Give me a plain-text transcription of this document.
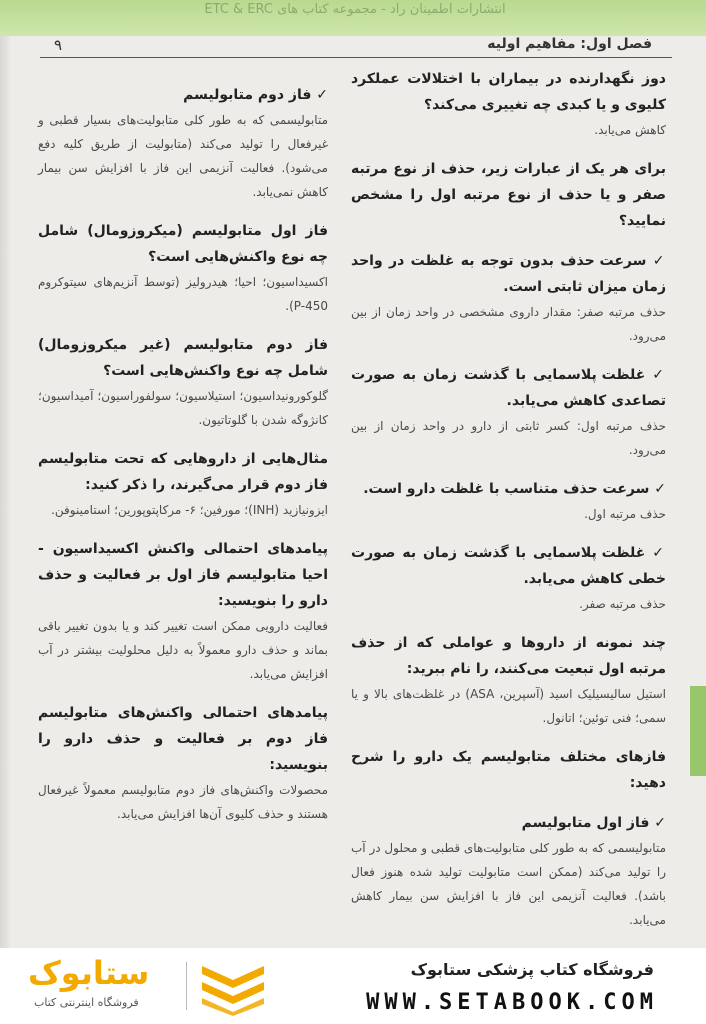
انتشارات اطمینان راد - مجموعه کتاب های ETC & ERC
فصل اول: مفاهیم اولیه
۹
دوز نگهدارنده در بیماران با اختلالات عملکرد کلیوی و یا کبدی چه تغییری می‌کند؟
کاهش می‌یابد.
برای هر یک از عبارات زیر، حذف از نوع مرتبه صفر و یا حذف از نوع مرتبه اول را مشخص نمایید؟
✓ سرعت حذف بدون توجه به غلظت در واحد زمان میزان ثابتی است.
حذف مرتبه صفر: مقدار داروی مشخصی در واحد زمان از بین می‌رود.
✓ غلظت پلاسمایی با گذشت زمان به صورت تصاعدی کاهش می‌یابد.
حذف مرتبه اول: کسر ثابتی از دارو در واحد زمان از بین می‌رود.
✓ سرعت حذف متناسب با غلظت دارو است.
حذف مرتبه اول.
✓ غلظت پلاسمایی با گذشت زمان به صورت خطی کاهش می‌یابد.
حذف مرتبه صفر.
چند نمونه از داروها و عواملی که از حذف مرتبه اول تبعیت می‌کنند، را نام ببرید:
استیل سالیسیلیک اسید (آسپرین، ASA) در غلظت‌های بالا و یا سمی؛ فنی توئین؛ اتانول.
فازهای مختلف متابولیسم یک دارو را شرح دهید:
✓ فاز اول متابولیسم
متابولیسمی که به طور کلی متابولیت‌های قطبی و محلول در آب را تولید می‌کند (ممکن است متابولیت تولید شده هنوز فعال باشد). فعالیت آنزیمی این فاز با افزایش سن بیمار کاهش می‌یابد.
✓ فاز دوم متابولیسم
متابولیسمی که به طور کلی متابولیت‌های بسیار قطبی و غیرفعال را تولید می‌کند (متابولیت از طریق کلیه دفع می‌شود). فعالیت آنزیمی این فاز با افزایش سن بیمار کاهش نمی‌یابد.
فاز اول متابولیسم (میکروزومال) شامل چه نوع واکنش‌هایی است؟
اکسیداسیون؛ احیا؛ هیدرولیز (توسط آنزیم‌های سیتوکروم P-450).
فاز دوم متابولیسم (غیر میکروزومال) شامل چه نوع واکنش‌هایی است؟
گلوکورونیداسیون؛ استیلاسیون؛ سولفوراسیون؛ آمیداسیون؛ کانژوگه شدن با گلوتاتیون.
مثال‌هایی از داروهایی که تحت متابولیسم فاز دوم قرار می‌گیرند، را ذکر کنید:
ایزونیازید (INH)؛ مورفین؛ ۶- مرکاپتوپورین؛ استامینوفن.
پیامدهای احتمالی واکنش اکسیداسیون - احیا متابولیسم فاز اول بر فعالیت و حذف دارو را بنویسید:
فعالیت دارویی ممکن است تغییر کند و یا بدون تغییر باقی بماند و حذف دارو معمولاً به دلیل محلولیت بیشتر در آب افزایش می‌یابد.
پیامدهای احتمالی واکنش‌های متابولیسم فاز دوم بر فعالیت و حذف دارو را بنویسید:
محصولات واکنش‌های فاز دوم متابولیسم معمولاً غیرفعال هستند و حذف کلیوی آن‌ها افزایش می‌یابد.
فروشگاه کتاب پزشکی ستابوک
WWW.SETABOOK.COM
ستابوک
فروشگاه اینترنتی کتاب
